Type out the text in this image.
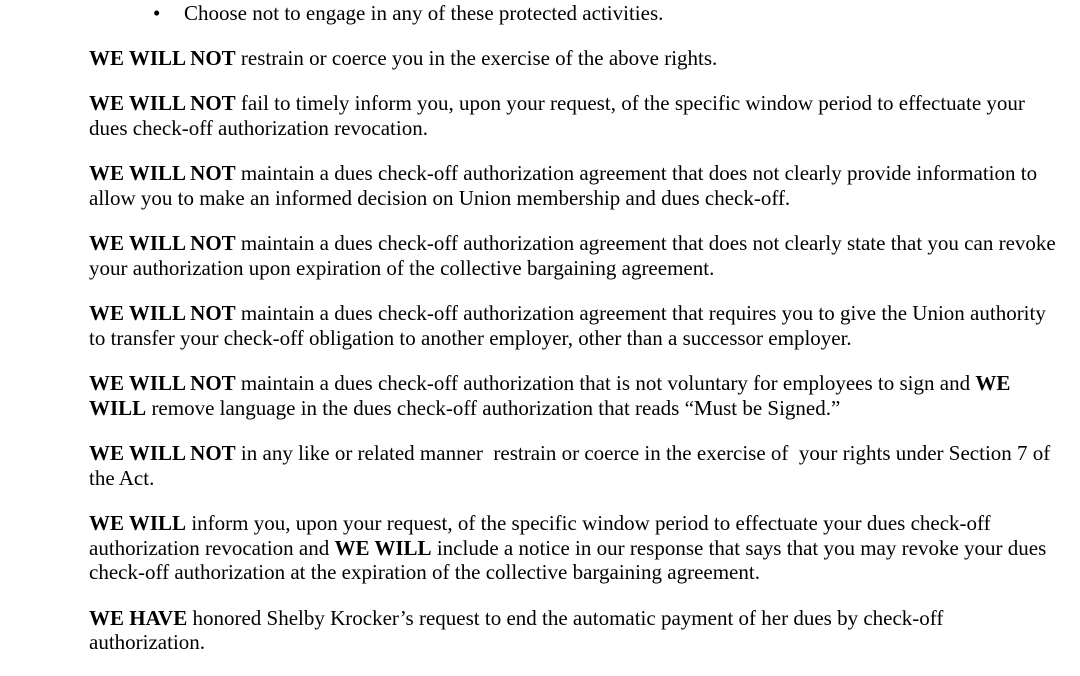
• Choose not to engage in any of these protected activities.

WE WILL NOT restrain or coerce you in the exercise of the above rights.

WE WILL NOT fail to timely inform you, upon your request, of the specific window period to effectuate your dues check-off authorization revocation.

WE WILL NOT maintain a dues check-off authorization agreement that does not clearly provide information to allow you to make an informed decision on Union membership and dues check-off.

WE WILL NOT maintain a dues check-off authorization agreement that does not clearly state that you can revoke your authorization upon expiration of the collective bargaining agreement.

WE WILL NOT maintain a dues check-off authorization agreement that requires you to give the Union authority to transfer your check-off obligation to another employer, other than a successor employer.

WE WILL NOT maintain a dues check-off authorization that is not voluntary for employees to sign and WE WILL remove language in the dues check-off authorization that reads “Must be Signed.”

WE WILL NOT in any like or related manner  restrain or coerce in the exercise of  your rights under Section 7 of the Act.

WE WILL inform you, upon your request, of the specific window period to effectuate your dues check-off authorization revocation and WE WILL include a notice in our response that says that you may revoke your dues check-off authorization at the expiration of the collective bargaining agreement.

WE HAVE honored Shelby Krocker’s request to end the automatic payment of her dues by check-off authorization.
